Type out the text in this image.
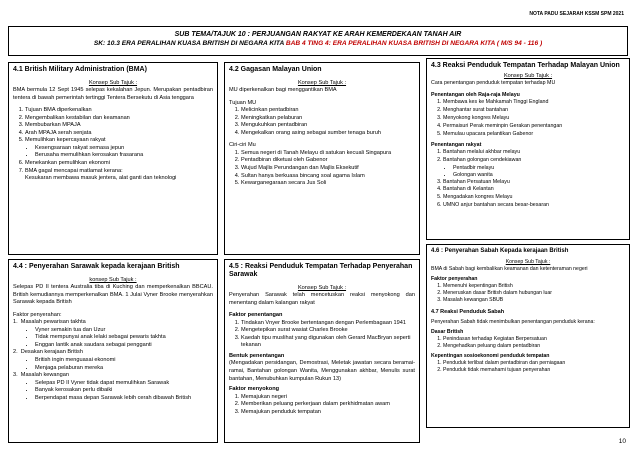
NOTA PADU SEJARAH KSSM SPM 2021
SUB TEMA/TAJUK 10 : PERJUANGAN RAKYAT KE ARAH KEMERDEKAAN TANAH AIR
SK: 10.3 ERA PERALIHAN KUASA BRITISH DI NEGARA KITA BAB 4 TING 4: ERA PERALIHAN KUASA BRITISH DI NEGARA KITA ( M/S 94 - 116 )
4.1 British Military Administration (BMA)
Konsep Sub Tajuk :
BMA bermula 12 Sept 1945 selepas kekalahan Jepun. Merupakan pentadbiran tentera di bawah pemerintah tertinggi Tentera Bersekutu di Asia tenggara
1. Tujuan BMA diperkenalkan
2. Mengembalikan kestabilan dan keamanan
3. Membubarkan MPAJA
4. Arah MPAJA serah senjata
5. Memulihkan kepercayaan rakyat
• Kesengsaraan rakyat semasa jepun
• Berusaha memulihkan kerosakan frasarana
6. Menekankan pemulihkan ekonomi
7. BMA gagal mencapai matlamat kerana:
Kesukaran membawa masuk jentera, alat ganti dan teknologi
4.2 Gagasan Malayan Union
Konsep Sub Tajuk :
MU diperkenalkan bagi menggantikan BMA
Tujuan MU
1. Melicinkan pentadbiran
2. Meningkatkan pelaburan
3. Mengukuhkan pentadbiran
4. Mengekalkan orang asing sebagai sumber tenaga buruh
Ciri-ciri Mu
1. Semua negeri di Tanah Melayu di satukan kecuali Singapura
2. Pentadbiran diketuai oleh Gabenor
3. Wujud Majlis Perundangan dan Majlis Eksekutif
4. Sultan hanya berkuasa bincang soal agama Islam
5. Kewarganegaraan secara Jus Soli
4.3 Reaksi Penduduk Tempatan Terhadap Malayan Union
Konsep Sub Tajuk :
Cara penentangan penduduk tempatan terhadap MU
Penentangan oleh Raja-raja Melayu
1. Membawa kes ke Mahkamah Tinggi England
2. Menghantar surat bantahan
3. Menyokong kongres Melayu
4. Permaisuri Perak meminpin Gerakan penentangan
5. Memulau upacara pelantikan Gabenor
Penentangan rakyat
1. Bantahan melalui akhbar melayu
2. Bantahan golongan cendekiawan
• Pentadbir melayu
• Golongan wanita
3. Bantahan Persatuan Melayu
4. Bantahan di Kelantan
5. Mengadakan kongres Melayu
6. UMNO anjur bantahan secara besar-besaran
4.4 : Penyerahan Sarawak kepada kerajaan British
konsep Sub Tajuk :
Selepas PD II tentera Australia tiba di Kuching dan memperkenalkan BBCAU. British kemudiannya memperkenalkan BMA. 1 Julai Vyner Brooke menyerahkan Sarawak kepada British
Faktor penyerahan:
1.  Masalah pewarisan takhta
• Vyner semakin tua dan Uzur
• Tidak mempunyai anak lelaki sebagai pewaris takhta
• Enggan lantik anak saudara sebagai pengganti
2.  Desakan kerajaan British
• British ingin menguasai ekonomi
• Menjaga pelaburan mereka
3.  Masalah kewangan
• Selepas PD II Vyner tidak dapat memulihkan Sarawak
• Banyak kerosakan perlu dibaiki
• Berpendapat masa depan Sarawak lebih cerah dibawah British
4.5 : Reaksi Penduduk Tempatan Terhadap Penyerahan Sarawak
Konsep Sub Tajuk :
Penyerahan Sarawak telah mencetuskan reaksi menyokong dan menentang dalam kalangan rakyat
Faktor penentangan
1. Tindakan Vnyer Brooke bertentangan dengan Perlembagaan 1941
2. Mengetepikan surat wasiat Charles Brooke
3. Kaedah tipu muslihat yang digunakan oleh Gerard MacBryan seperti tekanan
Bentuk penentangan
(Mengadakan persidangan, Demostrasi, Meletak jawatan secara beramai-ramai, Bantahan golongan Wanita, Menggunakan akhbar, Menulis surat bantahan, Menubuhkan kumpulan Rukun 13)
Faktor menyokong
1. Memajukan negeri
2. Memberikan peluang perkerjaan dalam perkhidmatan awam
3. Memajukan penduduk tempatan
4.6 : Penyerahan Sabah Kepada kerajaan British
Konsep Sub Tajuk :
BMA di Sabah bagi kembalikan keamanan dan ketenteraman negeri
Faktor penyerahan
1. Memenuhi kepentingan British
2. Meneruskan dasar British dalam hubungan luar
3. Masalah kewangan SBUB
4.7 Reaksi Penduduk Sabah
Penyerahan Sabah tidak menimbulkan penentangan penduduk kerana:
Dasar British
1. Penindasan terhadap Kegiatan Berpersatuan
2. Mengehadkan peluang dalam pentadbiran
Kepentingan sosioekonomi penduduk tempatan
1. Penduduk terlibat dalam pentadbiran dan perniagaan
2. Penduduk tidak memahami tujuan penyerahan
10
